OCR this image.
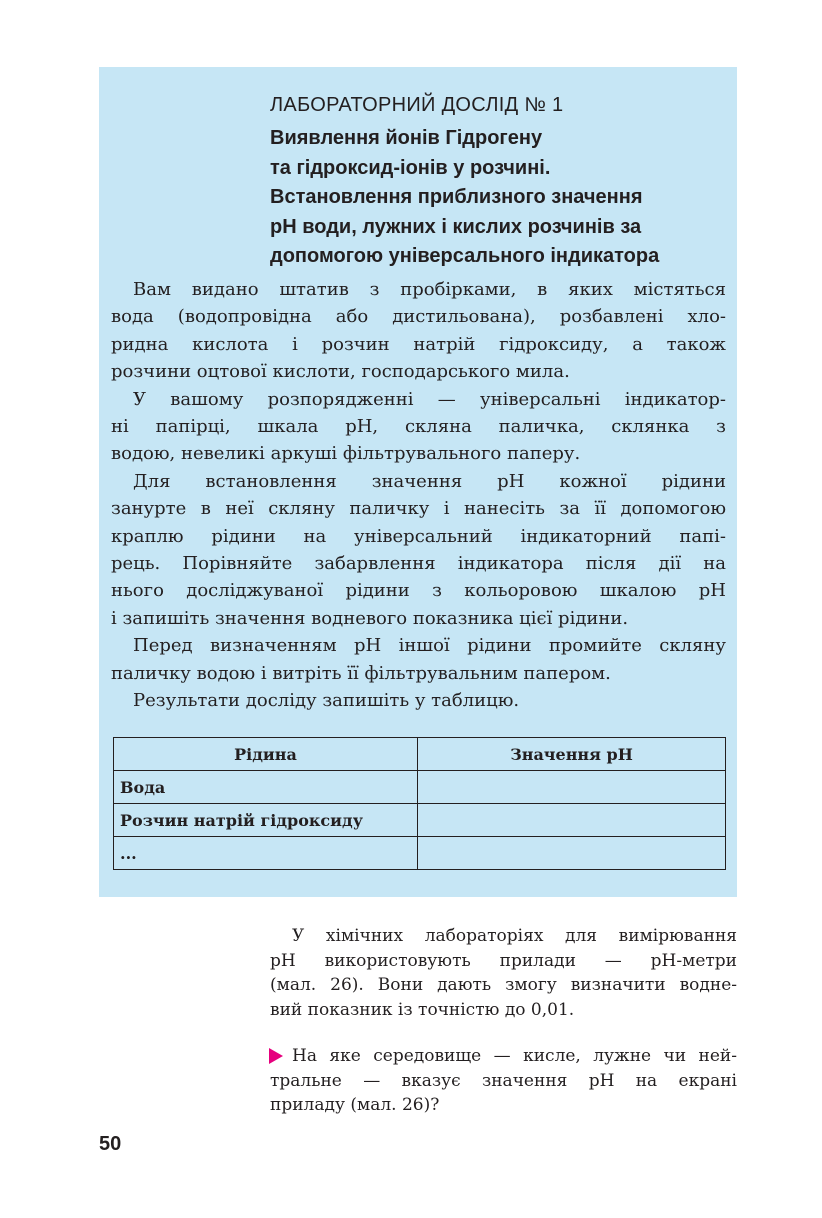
ЛАБОРАТОРНИЙ ДОСЛІД № 1
Виявлення йонів Гідрогену
та гідроксид-іонів у розчині.
Встановлення приблизного значення
рН води, лужних і кислих розчинів за
допомогою універсального індикатора

Вам видано штатив з пробірками, в яких містяться
вода (водопровідна або дистильована), розбавлені хло-
ридна кислота і розчин натрій гідроксиду, а також
розчини оцтової кислоти, господарського мила.

У вашому розпорядженні — універсальні індикатор-
ні папірці, шкала рН, скляна паличка, склянка з
водою, невеликі аркуші фільтрувального паперу.

Для встановлення значення рН кожної рідини
занурте в неї скляну паличку і нанесіть за її допомогою
краплю рідини на універсальний індикаторний папі-
рець. Порівняйте забарвлення індикатора після дії на
нього досліджуваної рідини з кольоровою шкалою рН
і запишіть значення водневого показника цієї рідини.

Перед визначенням рН іншої рідини промийте скляну
паличку водою і витріть її фільтрувальним папером.

Результати досліду запишіть у таблицю.

Рідина	Значення рН
Вода	
Розчин натрій гідроксиду	
...	
У хімічних лабораторіях для вимірювання
рН використовують прилади — рН-метри
(мал. 26). Вони дають змогу визначити водне-
вий показник із точністю до 0,01.
На яке середовище — кисле, лужне чи ней-
тральне — вказує значення рН на екрані
приладу (мал. 26)?
50
